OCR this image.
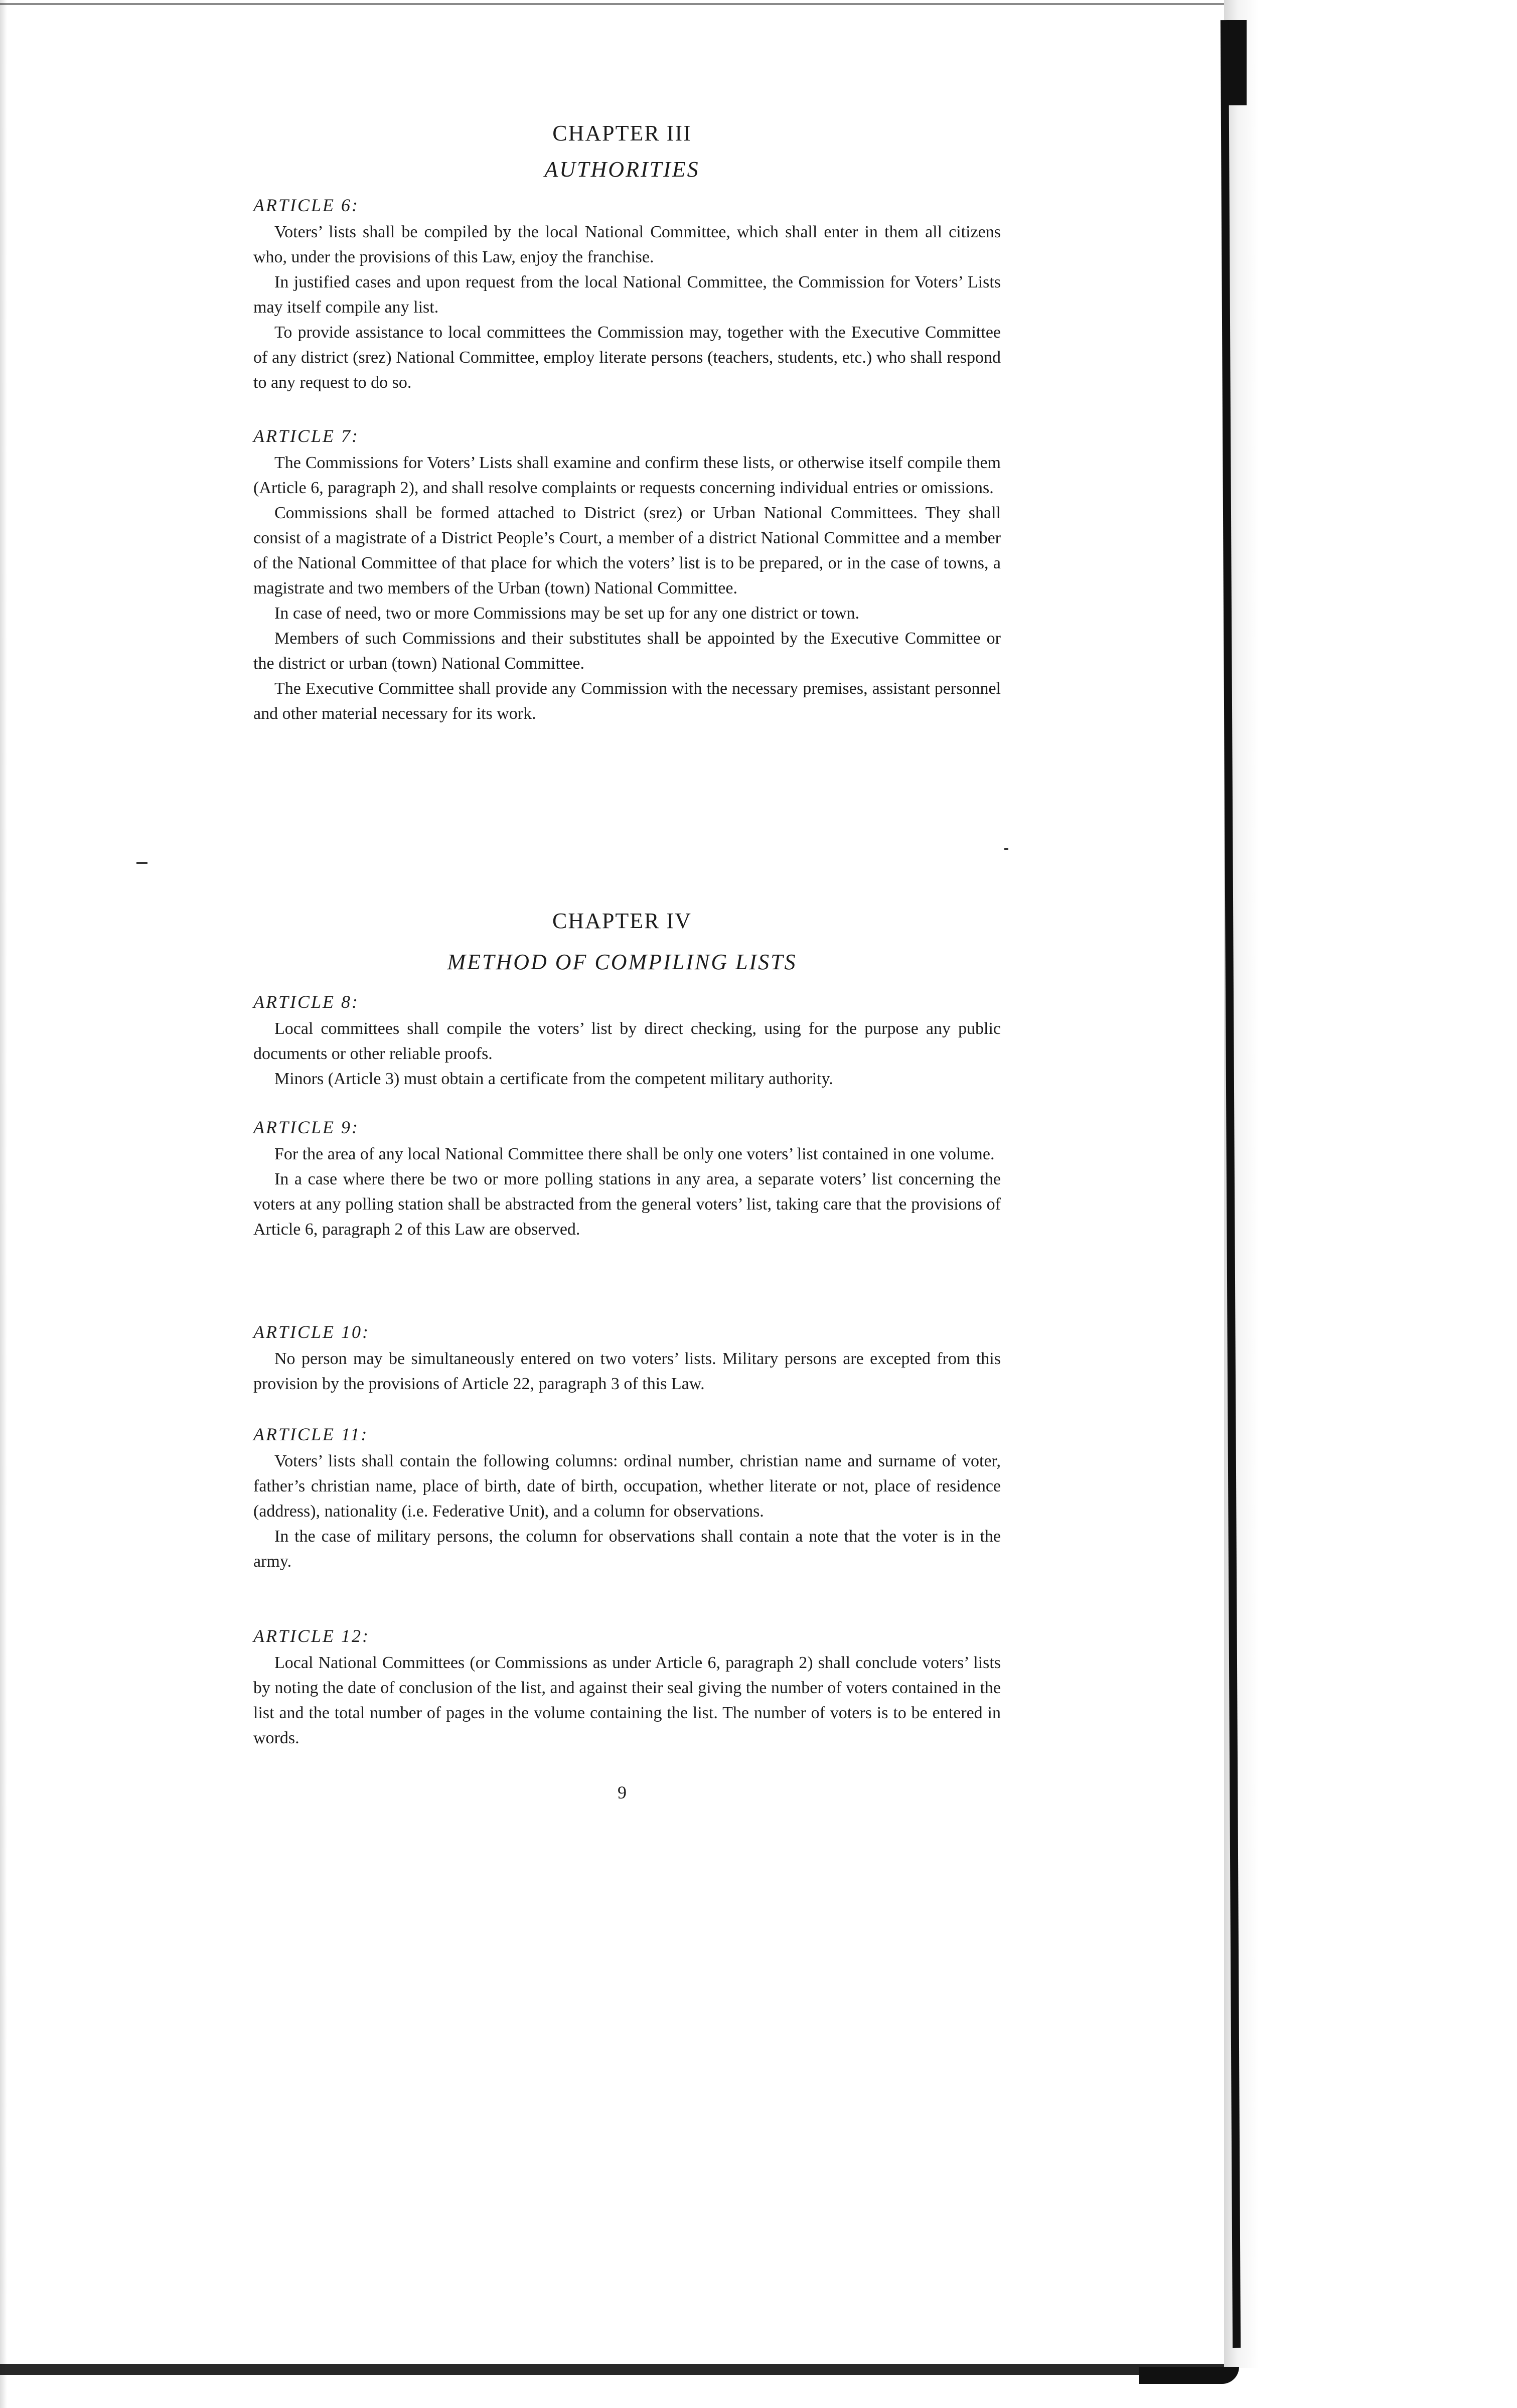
CHAPTER III
AUTHORITIES
ARTICLE 6:

Voters’ lists shall be compiled by the local National Committee, which shall enter in them all citizens who, under the provisions of this Law, enjoy the franchise.

In justified cases and upon request from the local National Committee, the Commission for Voters’ Lists may itself compile any list.

To provide assistance to local committees the Commission may, together with the Executive Committee of any district (srez) National Committee, employ literate persons (teachers, students, etc.) who shall respond to any request to do so.

ARTICLE 7:

The Commissions for Voters’ Lists shall examine and confirm these lists, or otherwise itself compile them (Article 6, paragraph 2), and shall resolve complaints or requests concerning individual entries or omissions.

Commissions shall be formed attached to District (srez) or Urban National Committees. They shall consist of a magistrate of a District People’s Court, a member of a district National Committee and a member of the National Committee of that place for which the voters’ list is to be prepared, or in the case of towns, a magistrate and two members of the Urban (town) National Committee.

In case of need, two or more Commissions may be set up for any one district or town.

Members of such Commissions and their substitutes shall be appointed by the Executive Committee or the district or urban (town) National Committee.

The Executive Committee shall provide any Commission with the necessary premises, assistant personnel and other material necessary for its work.

CHAPTER IV
METHOD OF COMPILING LISTS
ARTICLE 8:

Local committees shall compile the voters’ list by direct checking, using for the purpose any public documents or other reliable proofs.

Minors (Article 3) must obtain a certificate from the competent military authority.

ARTICLE 9:

For the area of any local National Committee there shall be only one voters’ list contained in one volume.

In a case where there be two or more polling stations in any area, a separate voters’ list concerning the voters at any polling station shall be abstracted from the general voters’ list, taking care that the provisions of Article 6, paragraph 2 of this Law are observed.

ARTICLE 10:

No person may be simultaneously entered on two voters’ lists. Military persons are excepted from this provision by the provisions of Article 22, paragraph 3 of this Law.

ARTICLE 11:

Voters’ lists shall contain the following columns: ordinal number, christian name and surname of voter, father’s christian name, place of birth, date of birth, occupation, whether literate or not, place of residence (address), nationality (i.e. Federative Unit), and a column for observations.

In the case of military persons, the column for observations shall contain a note that the voter is in the army.

ARTICLE 12:

Local National Committees (or Commissions as under Article 6, paragraph 2) shall conclude voters’ lists by noting the date of conclusion of the list, and against their seal giving the number of voters contained in the list and the total number of pages in the volume containing the list. The number of voters is to be entered in words.

9
